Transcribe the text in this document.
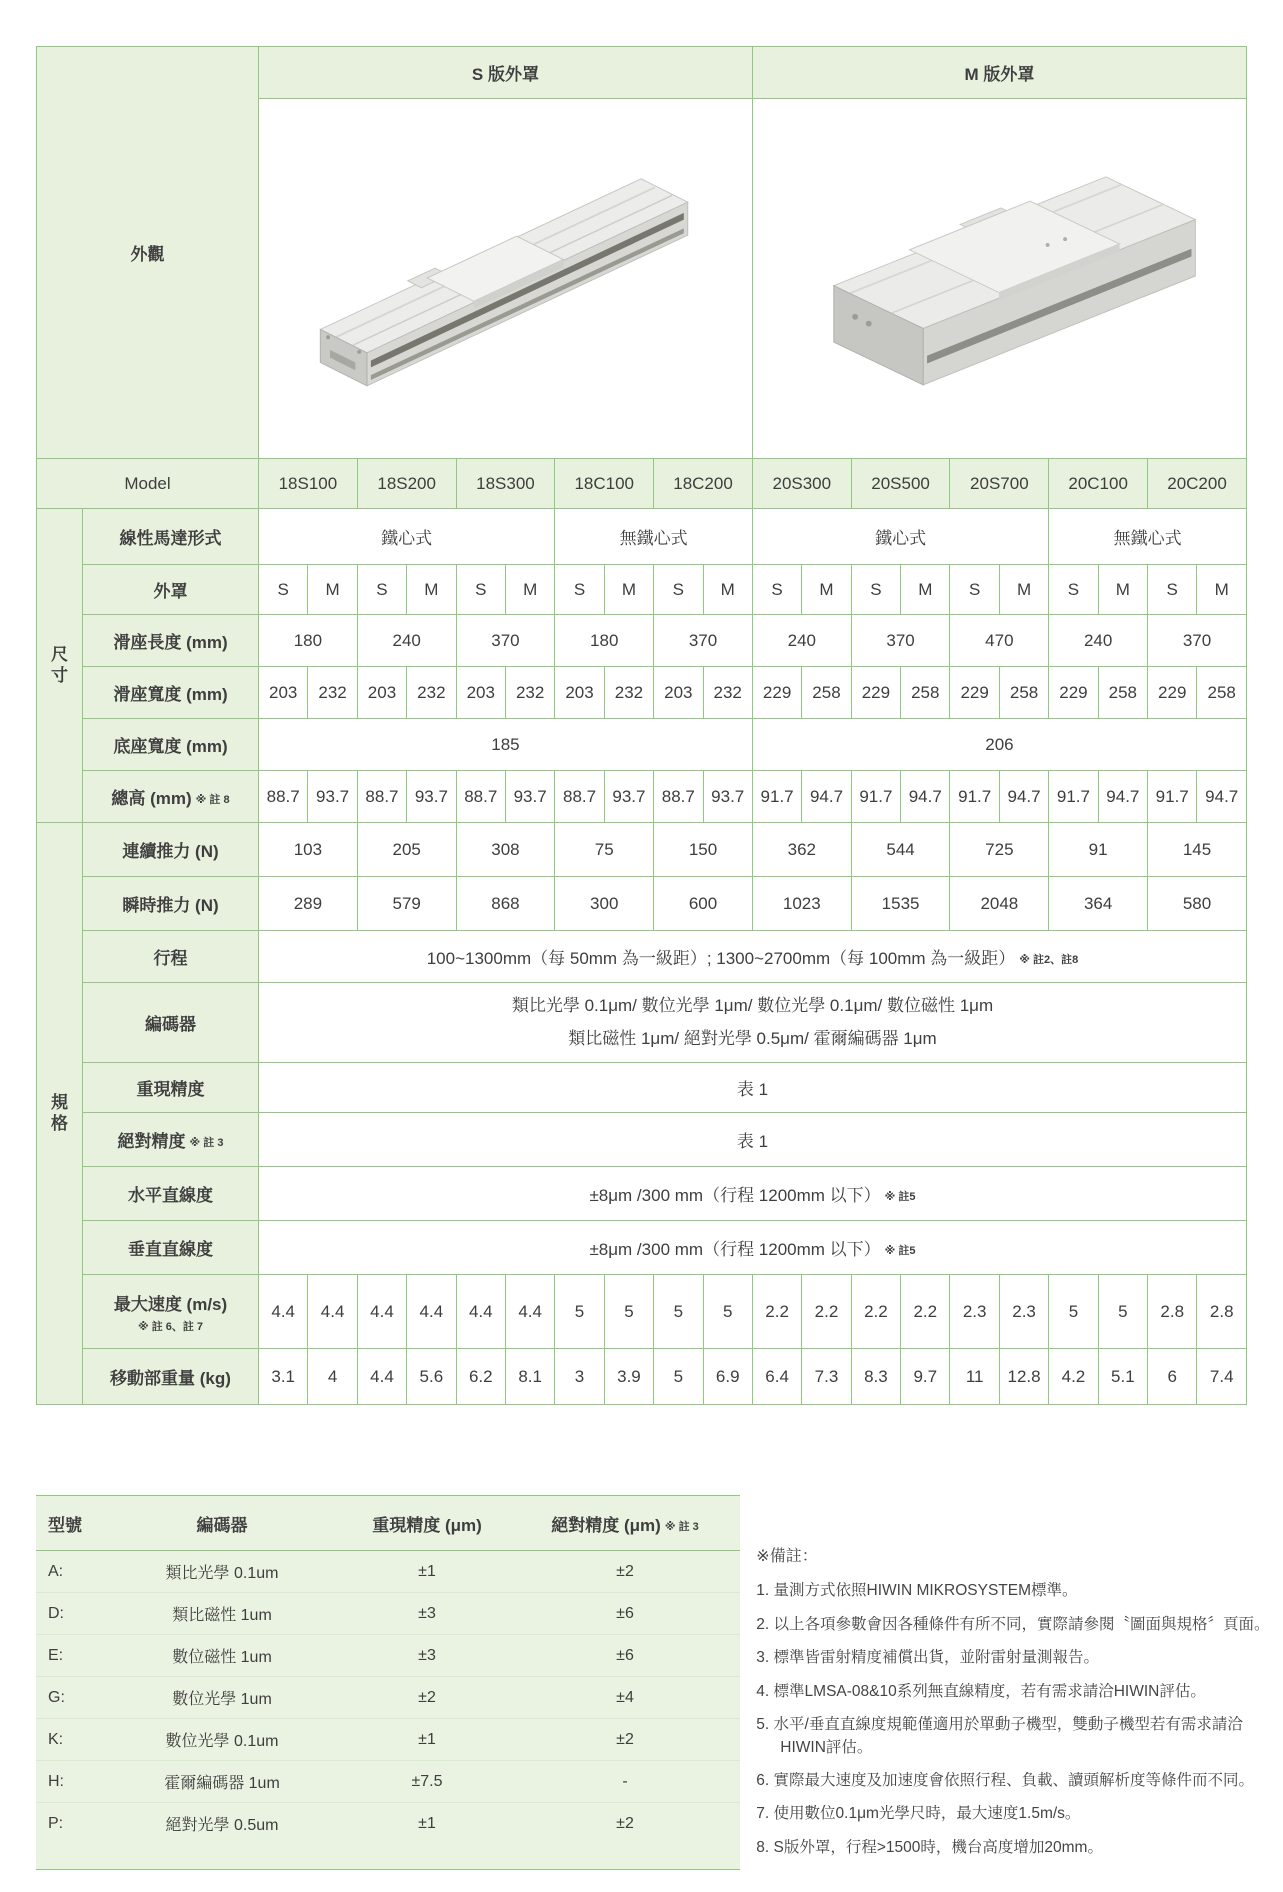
外觀		S 版外罩										M 版外罩									

Model		18S100		18S200		18S300		18C100		18C200		20S300		20S500		20S700		20C100		20C200	

尺寸	線性馬達形式	鐵心式						無鐵心式				鐵心式						無鐵心式			
	外罩	S	M	S	M	S	M	S	M	S	M	S	M	S	M	S	M	S	M	S	M
	滑座長度 (mm)	180		240		370		180		370		240		370		470		240		370	
	滑座寬度 (mm)	203	232	203	232	203	232	203	232	203	232	229	258	229	258	229	258	229	258	229	258
	底座寬度 (mm)	185										206									
	總高 (mm) ※ 註 8	88.7	93.7	88.7	93.7	88.7	93.7	88.7	93.7	88.7	93.7	91.7	94.7	91.7	94.7	91.7	94.7	91.7	94.7	91.7	94.7

規格	連續推力 (N)	103		205		308		75		150		362		544		725		91		145	
	瞬時推力 (N)	289		579		868		300		600		1023		1535		2048		364		580	
	行程	100~1300mm（每 50mm 為一級距）; 1300~2700mm（每 100mm 為一級距） ※ 註2、註8																			
	編碼器	類比光學 0.1μm/ 數位光學 1μm/ 數位光學 0.1μm/ 數位磁性 1μm
類比磁性 1μm/ 絕對光學 0.5μm/ 霍爾編碼器 1μm																			

	重現精度	表 1																			
	絕對精度 ※ 註 3	表 1																			
	水平直線度	±8μm /300 mm（行程 1200mm 以下） ※ 註5																			
	垂直直線度	±8μm /300 mm（行程 1200mm 以下） ※ 註5																			
	最大速度 (m/s)
※ 註 6、註 7	4.4	4.4	4.4	4.4	4.4	4.4	5	5	5	5	2.2	2.2	2.2	2.2	2.3	2.3	5	5	2.8	2.8
	移動部重量 (kg)	3.1	4	4.4	5.6	6.2	8.1	3	3.9	5	6.9	6.4	7.3	8.3	9.7	11	12.8	4.2	5.1	6	7.4
型號	編碼器	重現精度 (μm)	絕對精度 (μm) ※ 註 3
A:	類比光學 0.1um	±1	±2
D:	類比磁性 1um	±3	±6
E:	數位磁性 1um	±3	±6
G:	數位光學 1um	±2	±4
K:	數位光學 0.1um	±1	±2
H:	霍爾編碼器 1um	±7.5	-
P:	絕對光學 0.5um	±1	±2
※備註：
1. 量測方式依照HIWIN MIKROSYSTEM標準。
2. 以上各項參數會因各種條件有所不同，實際請參閱〝圖面與規格〞頁面。
3. 標準皆雷射精度補償出貨，並附雷射量測報告。
4. 標準LMSA-08&10系列無直線精度，若有需求請洽HIWIN評估。
5. 水平/垂直直線度規範僅適用於單動子機型，雙動子機型若有需求請洽 HIWIN評估。
6. 實際最大速度及加速度會依照行程、負載、讀頭解析度等條件而不同。
7. 使用數位0.1μm光學尺時，最大速度1.5m/s。
8. S版外罩，行程>1500時，機台高度增加20mm。
